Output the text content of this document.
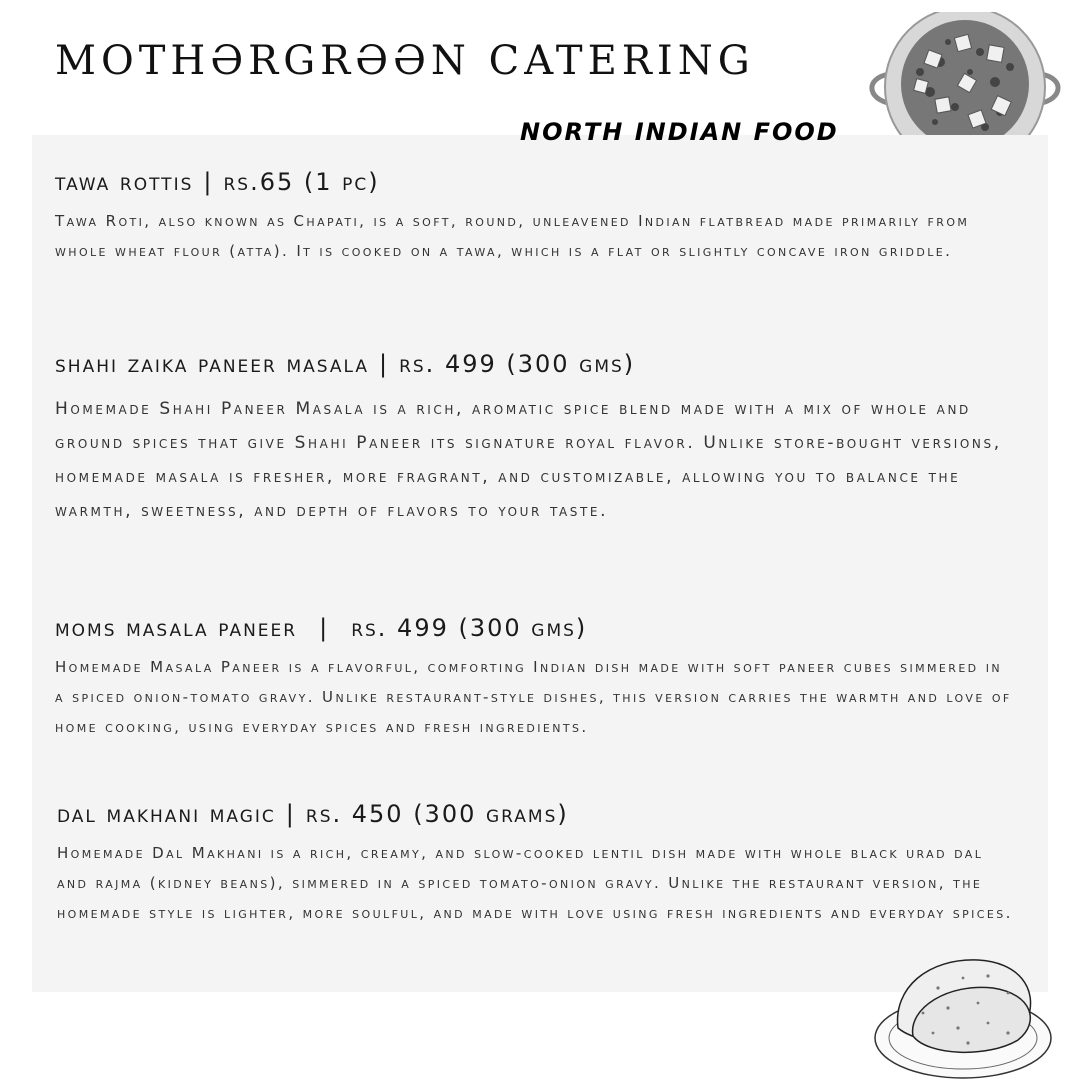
MOTHƏRGRƏƏN CATERING
NORTH INDIAN FOOD
tawa rottis | rs.65 (1 pc)

Tawa Roti, also known as Chapati, is a soft, round, unleavened Indian flatbread made primarily from whole wheat flour (atta). It is cooked on a tawa, which is a flat or slightly concave iron griddle.

shahi zaika paneer masala | rs. 499 (300 gms)

Homemade Shahi Paneer Masala is a rich, aromatic spice blend made with a mix of whole and ground spices that give Shahi Paneer its signature royal flavor. Unlike store-bought versions, homemade masala is fresher, more fragrant, and customizable, allowing you to balance the warmth, sweetness, and depth of flavors to your taste.

moms masala paneer | rs. 499 (300 gms)

Homemade Masala Paneer is a flavorful, comforting Indian dish made with soft paneer cubes simmered in a spiced onion-tomato gravy. Unlike restaurant-style dishes, this version carries the warmth and love of home cooking, using everyday spices and fresh ingredients.

dal makhani magic | rs. 450 (300 grams)

Homemade Dal Makhani is a rich, creamy, and slow-cooked lentil dish made with whole black urad dal and rajma (kidney beans), simmered in a spiced tomato-onion gravy. Unlike the restaurant version, the homemade style is lighter, more soulful, and made with love using fresh ingredients and everyday spices.
